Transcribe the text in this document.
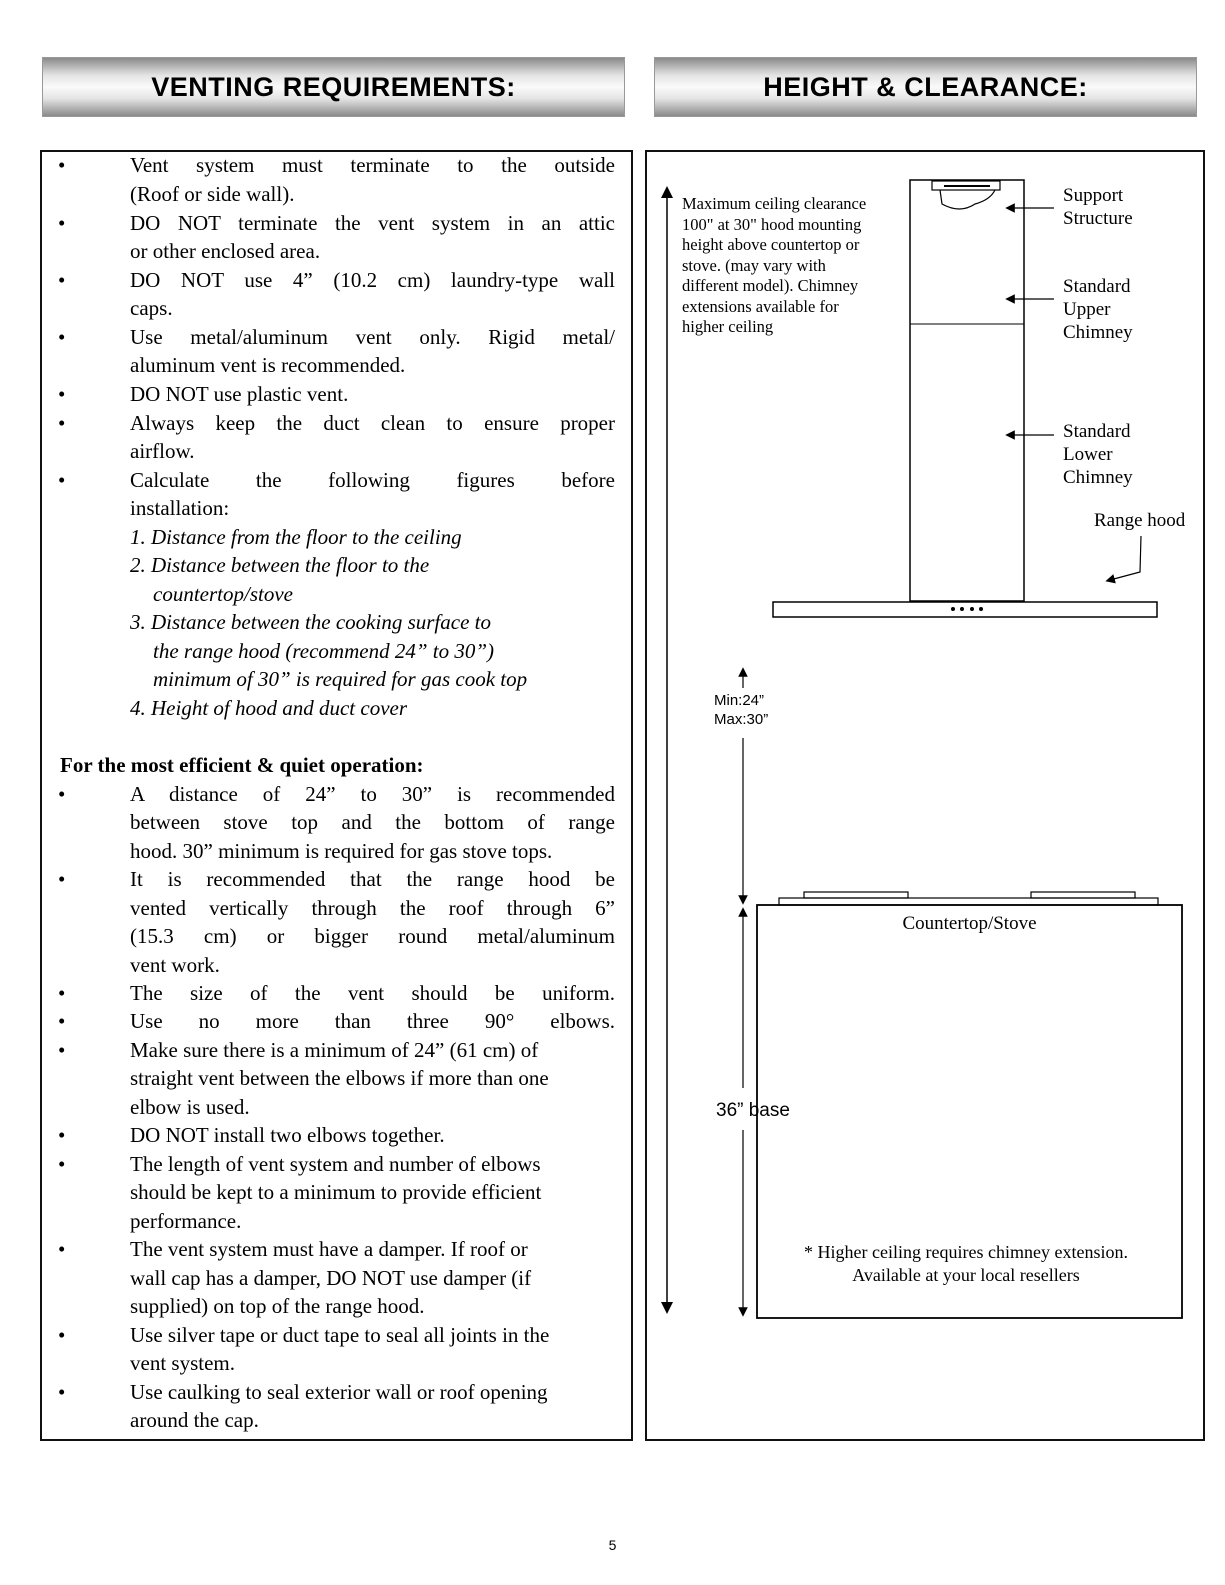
VENTING REQUIREMENTS:	HEIGHT & CLEARANCE:
•
•
•
•
•
•
•
Vent system must terminate to the outside
(Roof or side wall).
DO NOT terminate the vent system in an attic
or other enclosed area.
DO NOT use 4” (10.2 cm) laundry-type wall
caps.
Use metal/aluminum vent only. Rigid metal/
aluminum vent is recommended.
DO NOT use plastic vent.
Always keep the duct clean to ensure proper
airflow.
Calculate the following figures before
installation:
1. Distance from the floor to the ceiling
2. Distance between the floor to the
countertop/stove
3. Distance between the cooking surface to
the range hood (recommend 24” to 30”)
minimum of 30” is required for gas cook top
4. Height of hood and duct cover
For the most efficient & quiet operation:
•
•
•
•
•
•
•
•
•
•
A distance of 24” to 30” is recommended
between stove top and the bottom of range
hood. 30” minimum is required for gas stove tops.
It is recommended that the range hood be
vented vertically through the roof through 6”
(15.3 cm) or bigger round metal/aluminum
vent work.
The size of the vent should be uniform.
Use no more than three 90° elbows.
Make sure there is a minimum of 24” (61 cm) of
straight vent between the elbows if more than one
elbow is used.
DO NOT install two elbows together.
The length of vent system and number of elbows
should be kept to a minimum to provide efficient
performance.
The vent system must have a damper. If roof or
wall cap has a damper, DO NOT use damper (if
supplied) on top of the range hood.
Use silver tape or duct tape to seal all joints in the
vent system.
Use caulking to seal exterior wall or roof opening
around the cap.
Maximum ceiling clearance
100" at 30" hood mounting
height above countertop or
stove. (may vary with
different model). Chimney
extensions available for
higher ceiling
Support
Structure
Standard
Upper
Chimney
Standard
Lower
Chimney
Range hood
Min:24”
Max:30”
Countertop/Stove
36” base
* Higher ceiling requires chimney extension.
Available at your local resellers
5
